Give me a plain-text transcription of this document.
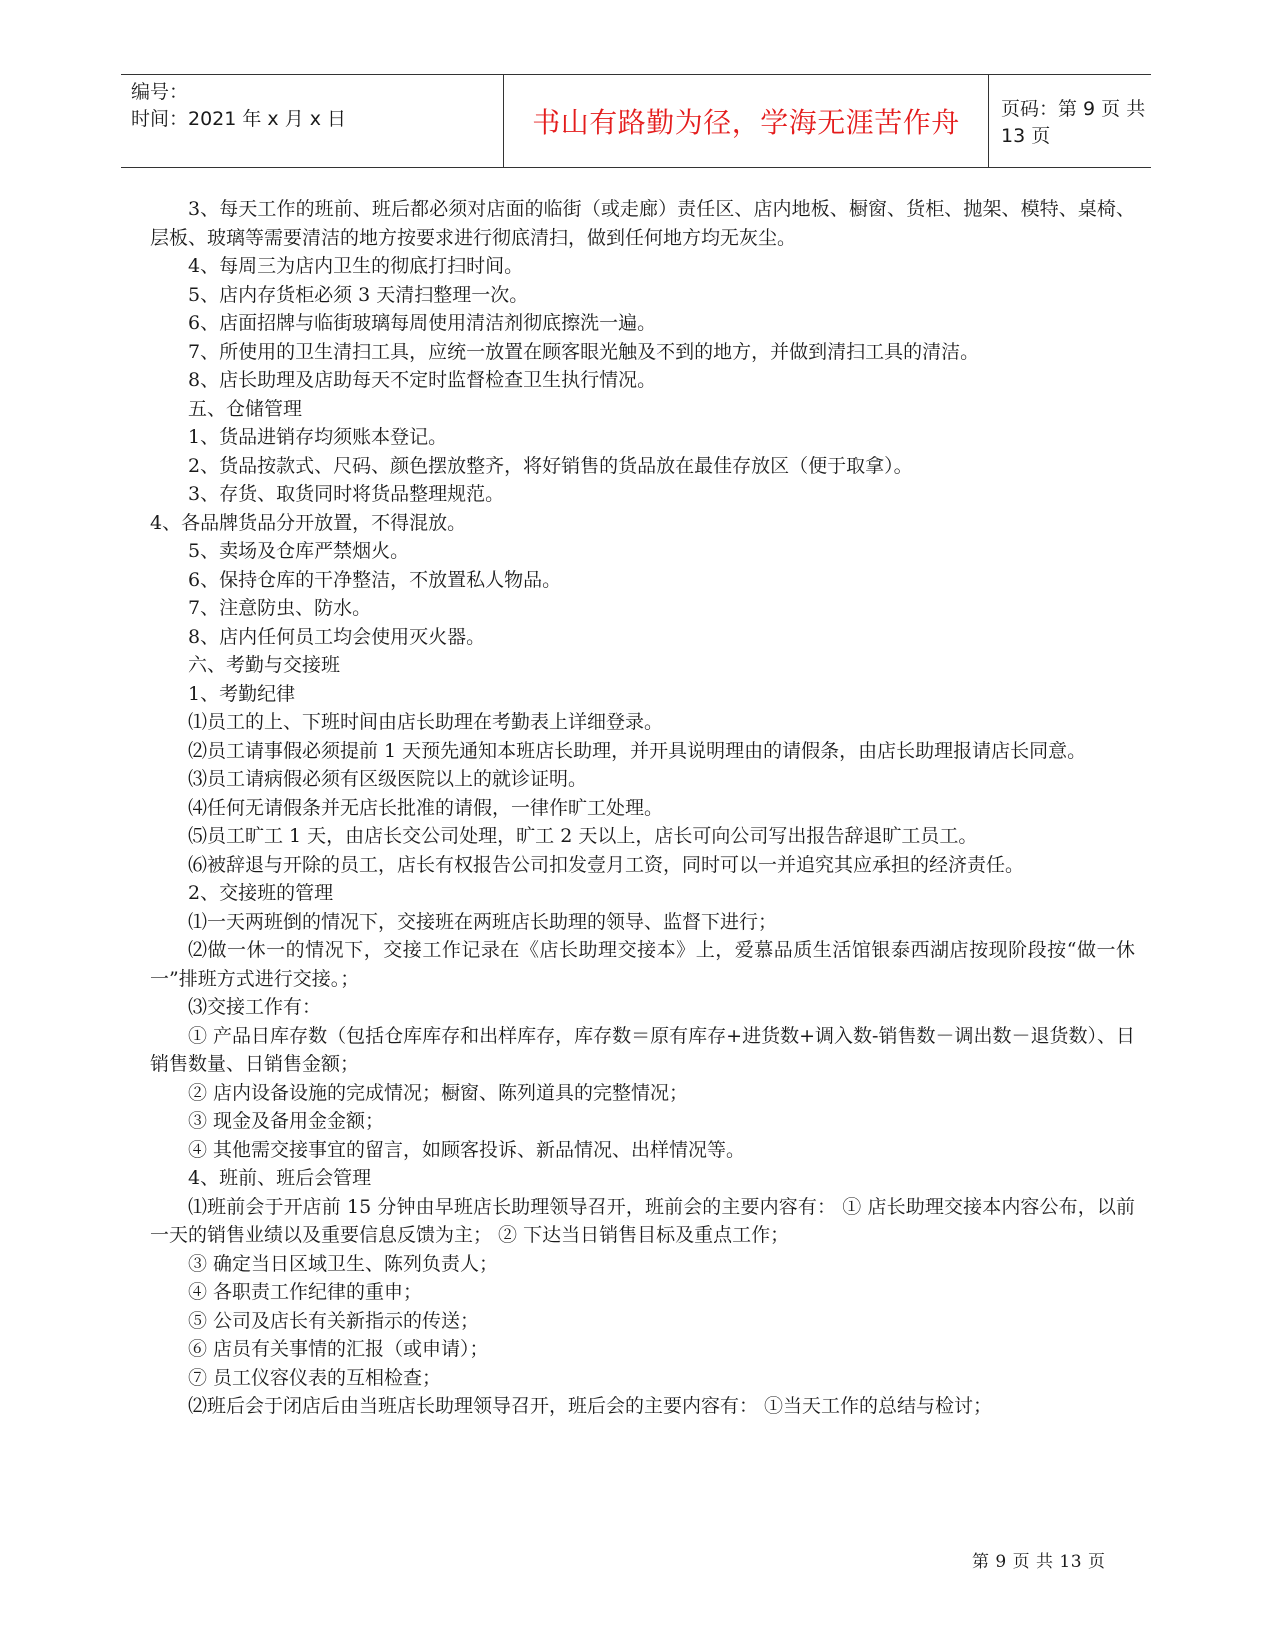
编号：
时间：2021 年 x 月 x 日	书山有路勤为径，学海无涯苦作舟	页码：第 9 页 共 13 页

3、每天工作的班前、班后都必须对店面的临街（或走廊）责任区、店内地板、橱窗、货柜、抛架、模特、桌椅、层板、玻璃等需要清洁的地方按要求进行彻底清扫，做到任何地方均无灰尘。

4、每周三为店内卫生的彻底打扫时间。

5、店内存货柜必须 3 天清扫整理一次。

6、店面招牌与临街玻璃每周使用清洁剂彻底擦洗一遍。

7、所使用的卫生清扫工具，应统一放置在顾客眼光触及不到的地方，并做到清扫工具的清洁。

8、店长助理及店助每天不定时监督检查卫生执行情况。

五、仓储管理

1、货品进销存均须账本登记。

2、货品按款式、尺码、颜色摆放整齐，将好销售的货品放在最佳存放区（便于取拿）。

3、存货、取货同时将货品整理规范。

4、各品牌货品分开放置，不得混放。

5、卖场及仓库严禁烟火。

6、保持仓库的干净整洁，不放置私人物品。

7、注意防虫、防水。

8、店内任何员工均会使用灭火器。

六、考勤与交接班

1、考勤纪律

⑴员工的上、下班时间由店长助理在考勤表上详细登录。

⑵员工请事假必须提前 1 天预先通知本班店长助理，并开具说明理由的请假条，由店长助理报请店长同意。

⑶员工请病假必须有区级医院以上的就诊证明。

⑷任何无请假条并无店长批准的请假，一律作旷工处理。

⑸员工旷工 1 天，由店长交公司处理，旷工 2 天以上，店长可向公司写出报告辞退旷工员工。

⑹被辞退与开除的员工，店长有权报告公司扣发壹月工资，同时可以一并追究其应承担的经济责任。

2、交接班的管理

⑴一天两班倒的情况下，交接班在两班店长助理的领导、监督下进行；

⑵做一休一的情况下，交接工作记录在《店长助理交接本》上，爱慕品质生活馆银泰西湖店按现阶段按“做一休一”排班方式进行交接。；

⑶交接工作有：

① 产品日库存数（包括仓库库存和出样库存，库存数＝原有库存+进货数+调入数-销售数－调出数－退货数）、日销售数量、日销售金额；

② 店内设备设施的完成情况；橱窗、陈列道具的完整情况；

③ 现金及备用金金额；

④ 其他需交接事宜的留言，如顾客投诉、新品情况、出样情况等。

4、班前、班后会管理

⑴班前会于开店前 15 分钟由早班店长助理领导召开，班前会的主要内容有： ① 店长助理交接本内容公布，以前一天的销售业绩以及重要信息反馈为主； ② 下达当日销售目标及重点工作；

③ 确定当日区域卫生、陈列负责人；

④ 各职责工作纪律的重申；

⑤ 公司及店长有关新指示的传送；

⑥ 店员有关事情的汇报（或申请）；

⑦ 员工仪容仪表的互相检查；

⑵班后会于闭店后由当班店长助理领导召开，班后会的主要内容有： ①当天工作的总结与检讨；

第 9 页 共 13 页
